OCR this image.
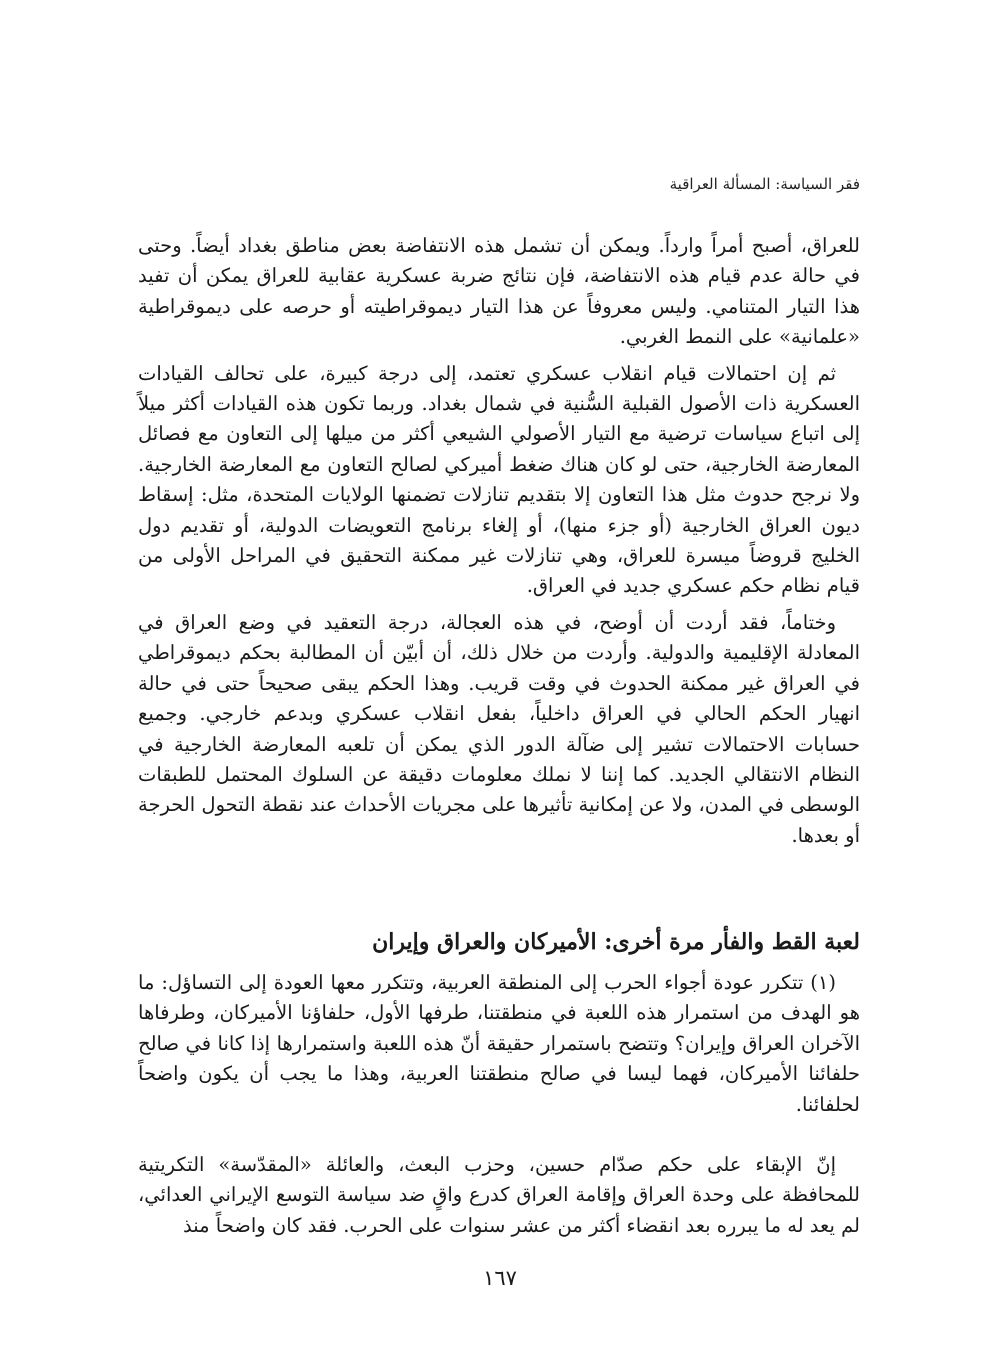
فقر السياسة: المسألة العراقية

للعراق، أصبح أمراً وارداً. ويمكن أن تشمل هذه الانتفاضة بعض مناطق بغداد أيضاً. وحتى في حالة عدم قيام هذه الانتفاضة، فإن نتائج ضربة عسكرية عقابية للعراق يمكن أن تفيد هذا التيار المتنامي. وليس معروفاً عن هذا التيار ديموقراطيته أو حرصه على ديموقراطية «علمانية» على النمط الغربي.

ثم إن احتمالات قيام انقلاب عسكري تعتمد، إلى درجة كبيرة، على تحالف القيادات العسكرية ذات الأصول القبلية السُّنية في شمال بغداد. وربما تكون هذه القيادات أكثر ميلاً إلى اتباع سياسات ترضية مع التيار الأصولي الشيعي أكثر من ميلها إلى التعاون مع فصائل المعارضة الخارجية، حتى لو كان هناك ضغط أميركي لصالح التعاون مع المعارضة الخارجية. ولا نرجح حدوث مثل هذا التعاون إلا بتقديم تنازلات تضمنها الولايات المتحدة، مثل: إسقاط ديون العراق الخارجية (أو جزء منها)، أو إلغاء برنامج التعويضات الدولية، أو تقديم دول الخليج قروضاً ميسرة للعراق، وهي تنازلات غير ممكنة التحقيق في المراحل الأولى من قيام نظام حكم عسكري جديد في العراق.

وختاماً، فقد أردت أن أوضح، في هذه العجالة، درجة التعقيد في وضع العراق في المعادلة الإقليمية والدولية. وأردت من خلال ذلك، أن أبيّن أن المطالبة بحكم ديموقراطي في العراق غير ممكنة الحدوث في وقت قريب. وهذا الحكم يبقى صحيحاً حتى في حالة انهيار الحكم الحالي في العراق داخلياً، بفعل انقلاب عسكري وبدعم خارجي. وجميع حسابات الاحتمالات تشير إلى ضآلة الدور الذي يمكن أن تلعبه المعارضة الخارجية في النظام الانتقالي الجديد. كما إننا لا نملك معلومات دقيقة عن السلوك المحتمل للطبقات الوسطى في المدن، ولا عن إمكانية تأثيرها على مجريات الأحداث عند نقطة التحول الحرجة أو بعدها.

لعبة القط والفأر مرة أخرى: الأميركان والعراق وإيران

(١) تتكرر عودة أجواء الحرب إلى المنطقة العربية، وتتكرر معها العودة إلى التساؤل: ما هو الهدف من استمرار هذه اللعبة في منطقتنا، طرفها الأول، حلفاؤنا الأميركان، وطرفاها الآخران العراق وإيران؟ وتتضح باستمرار حقيقة أنّ هذه اللعبة واستمرارها إذا كانا في صالح حلفائنا الأميركان، فهما ليسا في صالح منطقتنا العربية، وهذا ما يجب أن يكون واضحاً لحلفائنا.

إنّ الإبقاء على حكم صدّام حسين، وحزب البعث، والعائلة «المقدّسة» التكريتية للمحافظة على وحدة العراق وإقامة العراق كدرع واقٍ ضد سياسة التوسع الإيراني العدائي، لم يعد له ما يبرره بعد انقضاء أكثر من عشر سنوات على الحرب. فقد كان واضحاً منذ

١٦٧
